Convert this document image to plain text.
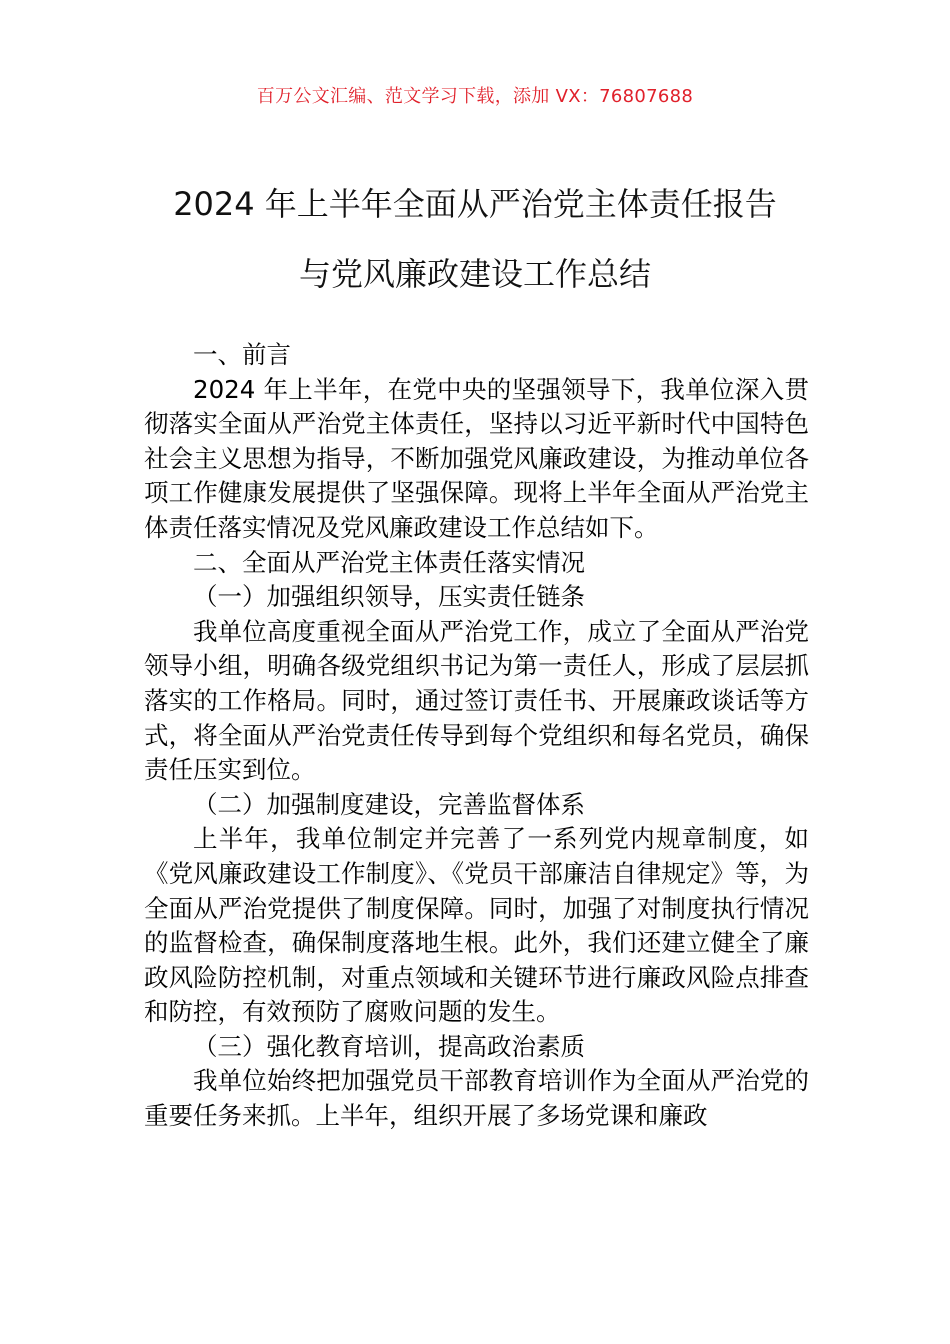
百万公文汇编、范文学习下载，添加 VX：76807688
2024 年上半年全面从严治党主体责任报告
与党风廉政建设工作总结

一、前言

2024 年上半年，在党中央的坚强领导下，我单位深入贯彻落实全面从严治党主体责任，坚持以习近平新时代中国特色社会主义思想为指导，不断加强党风廉政建设，为推动单位各项工作健康发展提供了坚强保障。现将上半年全面从严治党主体责任落实情况及党风廉政建设工作总结如下。

二、全面从严治党主体责任落实情况

（一）加强组织领导，压实责任链条

我单位高度重视全面从严治党工作，成立了全面从严治党领导小组，明确各级党组织书记为第一责任人，形成了层层抓落实的工作格局。同时，通过签订责任书、开展廉政谈话等方式，将全面从严治党责任传导到每个党组织和每名党员，确保责任压实到位。

（二）加强制度建设，完善监督体系

上半年，我单位制定并完善了一系列党内规章制度，如《党风廉政建设工作制度》、《党员干部廉洁自律规定》等，为全面从严治党提供了制度保障。同时，加强了对制度执行情况的监督检查，确保制度落地生根。此外，我们还建立健全了廉政风险防控机制，对重点领域和关键环节进行廉政风险点排查和防控，有效预防了腐败问题的发生。

（三）强化教育培训，提高政治素质

我单位始终把加强党员干部教育培训作为全面从严治党的重要任务来抓。上半年，组织开展了多场党课和廉政
